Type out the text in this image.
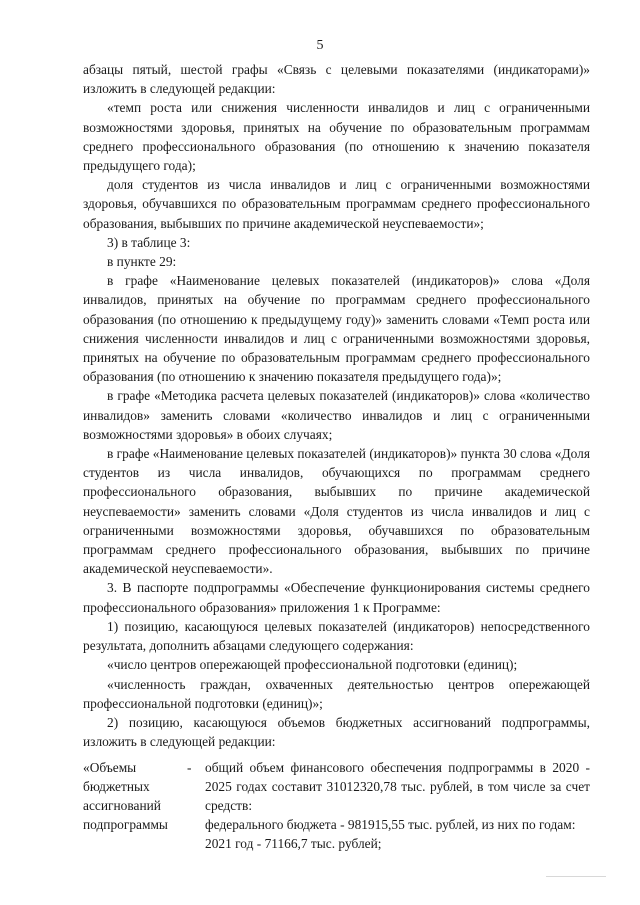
5

абзацы пятый, шестой графы «Связь с целевыми показателями (индикаторами)» изложить в следующей редакции:

«темп роста или снижения численности инвалидов и лиц с ограниченными возможностями здоровья, принятых на обучение по образовательным программам среднего профессионального образования (по отношению к значению показателя предыдущего года);

доля студентов из числа инвалидов и лиц с ограниченными возможностями здоровья, обучавшихся по образовательным программам среднего профессионального образования, выбывших по причине академической неуспеваемости»;

3) в таблице 3:

в пункте 29:

в графе «Наименование целевых показателей (индикаторов)» слова «Доля инвалидов, принятых на обучение по программам среднего профессионального образования (по отношению к предыдущему году)» заменить словами «Темп роста или снижения численности инвалидов и лиц с ограниченными возможностями здоровья, принятых на обучение по образовательным программам среднего профессионального образования (по отношению к значению показателя предыдущего года)»;

в графе «Методика расчета целевых показателей (индикаторов)» слова «количество инвалидов» заменить словами «количество инвалидов и лиц с ограниченными возможностями здоровья» в обоих случаях;

в графе «Наименование целевых показателей (индикаторов)» пункта 30 слова «Доля студентов из числа инвалидов, обучающихся по программам среднего профессионального образования, выбывших по причине академической неуспеваемости» заменить словами «Доля студентов из числа инвалидов и лиц с ограниченными возможностями здоровья, обучавшихся по образовательным программам среднего профессионального образования, выбывших по причине академической неуспеваемости».

3. В паспорте подпрограммы «Обеспечение функционирования системы среднего профессионального образования» приложения 1 к Программе:

1) позицию, касающуюся целевых показателей (индикаторов) непосредственного результата, дополнить абзацами следующего содержания:

«число центров опережающей профессиональной подготовки (единиц);

«численность граждан, охваченных деятельностью центров опережающей профессиональной подготовки (единиц)»;

2) позицию, касающуюся объемов бюджетных ассигнований подпрограммы, изложить в следующей редакции:

«Объемы бюджетных ассигнований подпрограммы
-	общий объем финансового обеспечения подпрограммы в 2020 - 2025 годах составит 31012320,78 тыс. рублей, в том числе за счет средств:

федерального бюджета - 981915,55 тыс. рублей, из них по годам:

2021 год - 71166,7 тыс. рублей;
